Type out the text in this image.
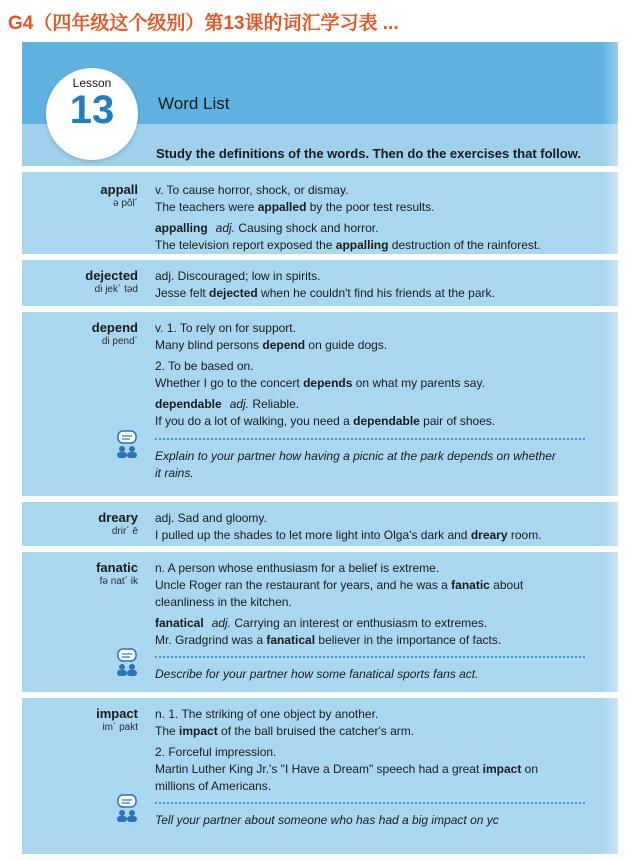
G4（四年级这个级别）第13课的词汇学习表 ...
Lesson
13	Word List
Study the definitions of the words. Then do the exercises that follow.
appall
ə pôl´
v. To cause horror, shock, or dismay.
The teachers were appalled by the poor test results.
appalling adj. Causing shock and horror.
The television report exposed the appalling destruction of the rainforest.
dejected
di jek´ təd
adj. Discouraged; low in spirits.
Jesse felt dejected when he couldn't find his friends at the park.
depend
di pend´
v. 1. To rely on for support.
Many blind persons depend on guide dogs.
2. To be based on.
Whether I go to the concert depends on what my parents say.
dependable adj. Reliable.
If you do a lot of walking, you need a dependable pair of shoes.
Explain to your partner how having a picnic at the park depends on whether
it rains.
dreary
drir´ ē
adj. Sad and gloomy.
I pulled up the shades to let more light into Olga's dark and dreary room.
fanatic
fə nat´ ik
n. A person whose enthusiasm for a belief is extreme.
Uncle Roger ran the restaurant for years, and he was a fanatic about
cleanliness in the kitchen.
fanatical adj. Carrying an interest or enthusiasm to extremes.
Mr. Gradgrind was a fanatical believer in the importance of facts.
Describe for your partner how some fanatical sports fans act.
impact
im´ pakt
n. 1. The striking of one object by another.
The impact of the ball bruised the catcher's arm.
2. Forceful impression.
Martin Luther King Jr.'s "I Have a Dream" speech had a great impact on
millions of Americans.
Tell your partner about someone who has had a big impact on yc
